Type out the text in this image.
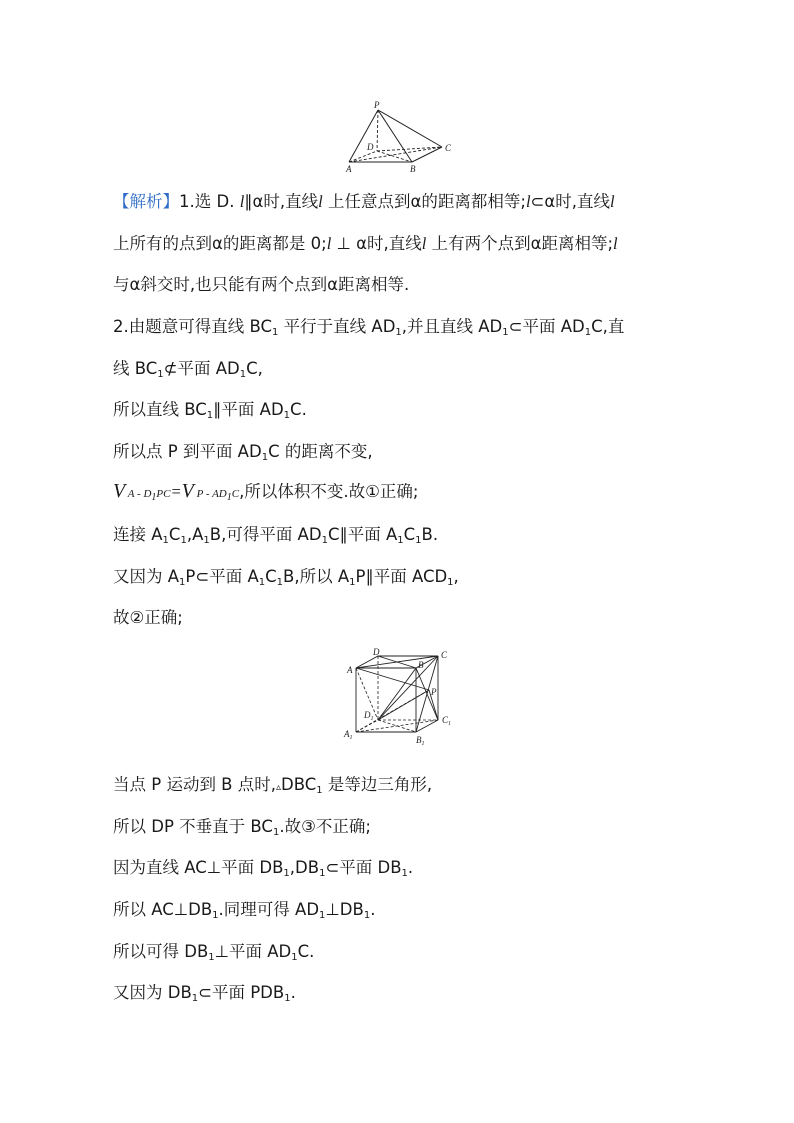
P
D	C
A	B
【解析】1.选 D. l∥α时,直线l 上任意点到α的距离都相等;l⊂α时,直线l
上所有的点到α的距离都是 0;l ⊥ α时,直线l 上有两个点到α距离相等;l
与α斜交时,也只能有两个点到α距离相等.
2.由题意可得直线 $BC_1$ 平行于直线 $AD_1$,并且直线 $AD_1\subset$平面 $AD_1C$,直
线 $BC_1⊄$平面 $AD_1C$,
所以直线 $BC_1\parallel$平面 $AD_1C$.
所以点 P 到平面 $AD_1C$ 的距离不变,
V $A - D_1PC=V$ P - $AD_1C$,所以体积不变.故①正确;
连接 $A_1C_1,A_1B$,可得平面 $AD_1C\parallel$平面 $A_1C_1B$.
又因为 $A_1P\subset$平面 $A_1C_1B$,所以 $A_1P\parallel$平面 $ACD_1$,
故②正确;
A
D	C
B
P
$D_1$	$C_1$
$B_1$
$A_1$
当点 P 运动到 B 点时$,▵DBC_1$ 是等边三角形,
所以 DP 不垂直于 $BC_1$.故③不正确;
因为直线 AC⊥平面 $DB_1,DB_1\subset$平面 $DB_1$.
所以 $AC\perp DB_1$.同理可得 $AD_1\perp DB_1$.
所以可得 $DB_1\perp$平面 $AD_1C$.
又因为 $DB_1\subset$平面 $PDB_1$.
